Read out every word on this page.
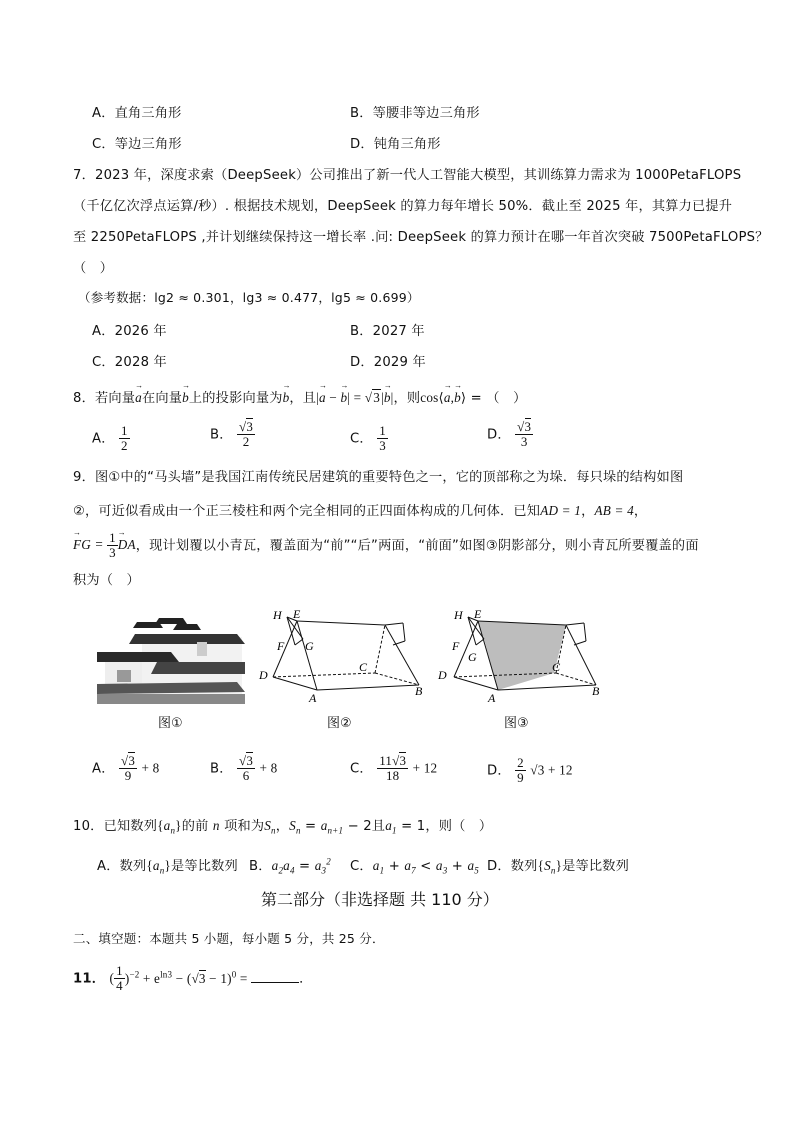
A．直角三角形	B．等腰非等边三角形
C．等边三角形	D．钝角三角形
7．2023 年，深度求索（DeepSeek）公司推出了新一代人工智能大模型，其训练算力需求为 1000PetaFLOPS
（千亿亿次浮点运算/秒）. 根据技术规划，DeepSeek 的算力每年增长 50%．截止至 2025 年，其算力已提升
至 2250PetaFLOPS ,并计划继续保持这一增长率 .问: DeepSeek 的算力预计在哪一年首次突破 7500PetaFLOPS？
（　）
（参考数据：lg2 ≈ 0.301，lg3 ≈ 0.477，lg5 ≈ 0.699）
A．2026 年	B．2027 年
C．2028 年	D．2029 年
8．若向量→ a在向量→ b上的投影向量为→ b，且|→ a − → b| = √3|→ b|，则cos⟨→ a,→ b⟩ = （　）
A． $\frac{1}{2}$	B． $\frac{√3}{2}$	C． $\frac{1}{3}$	D． $\frac{√3}{3}$
9．图①中的“马头墙”是我国江南传统民居建筑的重要特色之一，它的顶部称之为垛．每只垛的结构如图
②，可近似看成由一个正三棱柱和两个完全相同的正四面体构成的几何体．已知AD = 1，AB = 4，
→ FG = $\frac{1}{3}$
→ DA，现计划覆以小青瓦，覆盖面为“前”“后”两面，“前面”如图③阴影部分，则小青瓦所要覆盖的面
积为（　）
图①
H E
F G
C
D
A	B
图②
H E
F
G
C
D
A	B
图③
A． $\frac{√3}{9} + 8$	B． $\frac{√3}{6} + 8$	C． $\frac{11√3}{18} + 12$	D． $\frac{2}{9} √3 + 12$
10．已知数列$\{a_n\}$的前 n 项和为$S_n$，$S_n = a_{n+1} - 2$且$a_1 = 1$，则（　）
A．数列$\{a_n\}$是等比数列 B．$a_2a_4 = a_3^2$ C．$a_1 + a_7 < a_3 + a_5$ D．数列$\{S_n\}$是等比数列
第二部分（非选择题 共 110 分）
二、填空题：本题共 5 小题，每小题 5 分，共 25 分．
11． ( $\frac{1}{4} )^{-2} + e^{ln3} - (√3 - 1)^0$ =	．
